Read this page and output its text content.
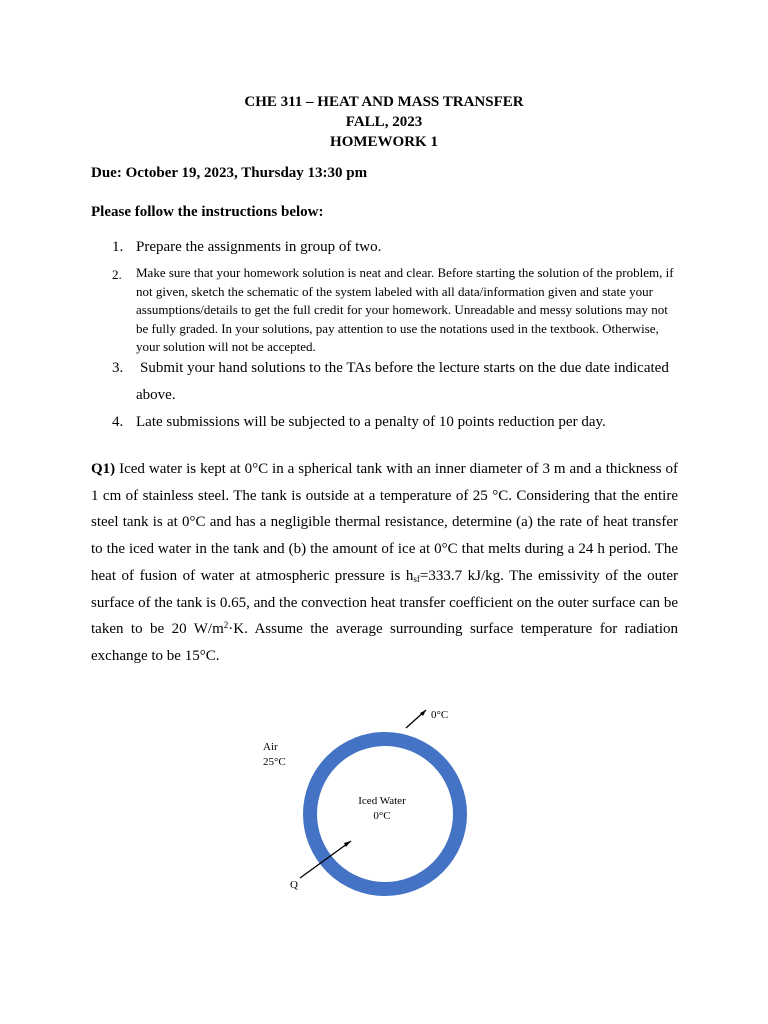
CHE 311 – HEAT AND MASS TRANSFER
FALL, 2023
HOMEWORK 1
Due: October 19, 2023, Thursday 13:30 pm
Please follow the instructions below:
1. Prepare the assignments in group of two.
2. Make sure that your homework solution is neat and clear. Before starting the solution of the problem, if not given, sketch the schematic of the system labeled with all data/information given and state your assumptions/details to get the full credit for your homework. Unreadable and messy solutions may not be fully graded. In your solutions, pay attention to use the notations used in the textbook. Otherwise, your solution will not be accepted.
3. Submit your hand solutions to the TAs before the lecture starts on the due date indicated above.
4. Late submissions will be subjected to a penalty of 10 points reduction per day.
Q1) Iced water is kept at 0°C in a spherical tank with an inner diameter of 3 m and a thickness of 1 cm of stainless steel. The tank is outside at a temperature of 25 °C. Considering that the entire steel tank is at 0°C and has a negligible thermal resistance, determine (a) the rate of heat transfer to the iced water in the tank and (b) the amount of ice at 0°C that melts during a 24 h period. The heat of fusion of water at atmospheric pressure is $h_{sf}=333.7$ kJ/kg. The emissivity of the outer surface of the tank is 0.65, and the convection heat transfer coefficient on the outer surface can be taken to be 20 $W/m^2\cdot K$. Assume the average surrounding surface temperature for radiation exchange to be 15°C.
Air
25°C
0°C
Iced Water
0°C
Q
